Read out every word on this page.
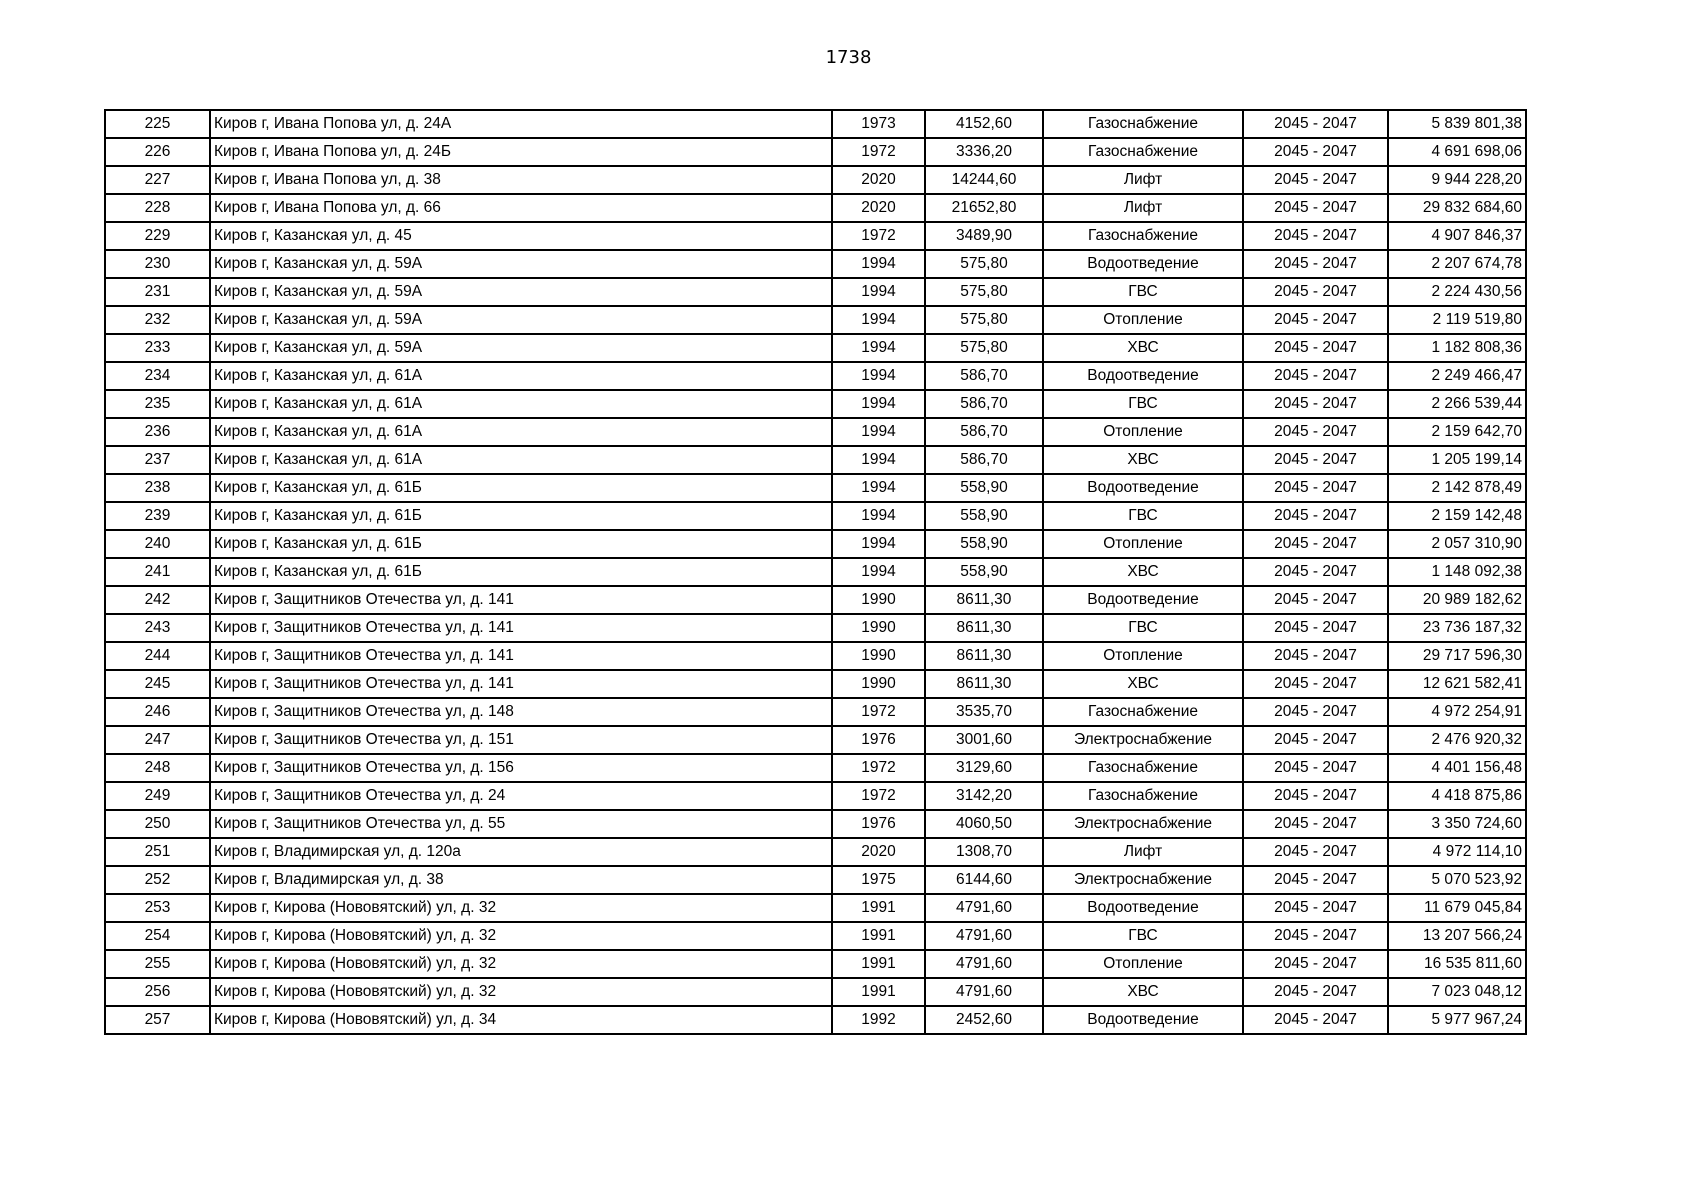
1738
225	Киров г, Ивана Попова ул, д. 24А	1973	4152,60	Газоснабжение	2045 - 2047	5 839 801,38
226	Киров г, Ивана Попова ул, д. 24Б	1972	3336,20	Газоснабжение	2045 - 2047	4 691 698,06
227	Киров г, Ивана Попова ул, д. 38	2020	14244,60	Лифт	2045 - 2047	9 944 228,20
228	Киров г, Ивана Попова ул, д. 66	2020	21652,80	Лифт	2045 - 2047	29 832 684,60
229	Киров г, Казанская ул, д. 45	1972	3489,90	Газоснабжение	2045 - 2047	4 907 846,37
230	Киров г, Казанская ул, д. 59А	1994	575,80	Водоотведение	2045 - 2047	2 207 674,78
231	Киров г, Казанская ул, д. 59А	1994	575,80	ГВС	2045 - 2047	2 224 430,56
232	Киров г, Казанская ул, д. 59А	1994	575,80	Отопление	2045 - 2047	2 119 519,80
233	Киров г, Казанская ул, д. 59А	1994	575,80	ХВС	2045 - 2047	1 182 808,36
234	Киров г, Казанская ул, д. 61А	1994	586,70	Водоотведение	2045 - 2047	2 249 466,47
235	Киров г, Казанская ул, д. 61А	1994	586,70	ГВС	2045 - 2047	2 266 539,44
236	Киров г, Казанская ул, д. 61А	1994	586,70	Отопление	2045 - 2047	2 159 642,70
237	Киров г, Казанская ул, д. 61А	1994	586,70	ХВС	2045 - 2047	1 205 199,14
238	Киров г, Казанская ул, д. 61Б	1994	558,90	Водоотведение	2045 - 2047	2 142 878,49
239	Киров г, Казанская ул, д. 61Б	1994	558,90	ГВС	2045 - 2047	2 159 142,48
240	Киров г, Казанская ул, д. 61Б	1994	558,90	Отопление	2045 - 2047	2 057 310,90
241	Киров г, Казанская ул, д. 61Б	1994	558,90	ХВС	2045 - 2047	1 148 092,38
242	Киров г, Защитников Отечества ул, д. 141	1990	8611,30	Водоотведение	2045 - 2047	20 989 182,62
243	Киров г, Защитников Отечества ул, д. 141	1990	8611,30	ГВС	2045 - 2047	23 736 187,32
244	Киров г, Защитников Отечества ул, д. 141	1990	8611,30	Отопление	2045 - 2047	29 717 596,30
245	Киров г, Защитников Отечества ул, д. 141	1990	8611,30	ХВС	2045 - 2047	12 621 582,41
246	Киров г, Защитников Отечества ул, д. 148	1972	3535,70	Газоснабжение	2045 - 2047	4 972 254,91
247	Киров г, Защитников Отечества ул, д. 151	1976	3001,60	Электроснабжение	2045 - 2047	2 476 920,32
248	Киров г, Защитников Отечества ул, д. 156	1972	3129,60	Газоснабжение	2045 - 2047	4 401 156,48
249	Киров г, Защитников Отечества ул, д. 24	1972	3142,20	Газоснабжение	2045 - 2047	4 418 875,86
250	Киров г, Защитников Отечества ул, д. 55	1976	4060,50	Электроснабжение	2045 - 2047	3 350 724,60
251	Киров г, Владимирская ул, д. 120а	2020	1308,70	Лифт	2045 - 2047	4 972 114,10
252	Киров г, Владимирская ул, д. 38	1975	6144,60	Электроснабжение	2045 - 2047	5 070 523,92
253	Киров г, Кирова (Нововятский) ул, д. 32	1991	4791,60	Водоотведение	2045 - 2047	11 679 045,84
254	Киров г, Кирова (Нововятский) ул, д. 32	1991	4791,60	ГВС	2045 - 2047	13 207 566,24
255	Киров г, Кирова (Нововятский) ул, д. 32	1991	4791,60	Отопление	2045 - 2047	16 535 811,60
256	Киров г, Кирова (Нововятский) ул, д. 32	1991	4791,60	ХВС	2045 - 2047	7 023 048,12
257	Киров г, Кирова (Нововятский) ул, д. 34	1992	2452,60	Водоотведение	2045 - 2047	5 977 967,24
